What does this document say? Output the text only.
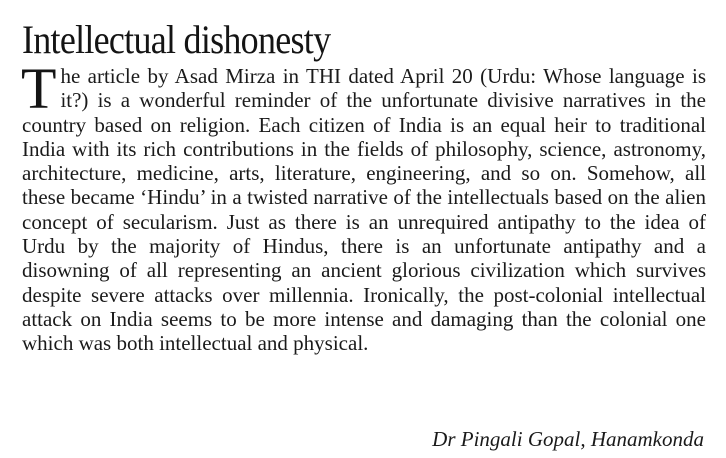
Intellectual dishonesty

The article by Asad Mirza in THI dated April 20 (Urdu: Whose language is it?) is a wonderful reminder of the unfortunate divisive narratives in the country based on religion. Each citizen of India is an equal heir to traditional India with its rich contributions in the fields of philosophy, science, astronomy, architecture, medicine, arts, literature, engineering, and so on. Somehow, all these became ‘Hindu’ in a twisted narrative of the intellectuals based on the alien concept of secularism. Just as there is an unrequired antipathy to the idea of Urdu by the majority of Hindus, there is an unfortunate antipathy and a disowning of all representing an ancient glorious civilization which survives despite severe attacks over millennia. Ironically, the post-colonial intellectual attack on India seems to be more intense and damaging than the colonial one which was both intellectual and physical.

Dr Pingali Gopal, Hanamkonda
